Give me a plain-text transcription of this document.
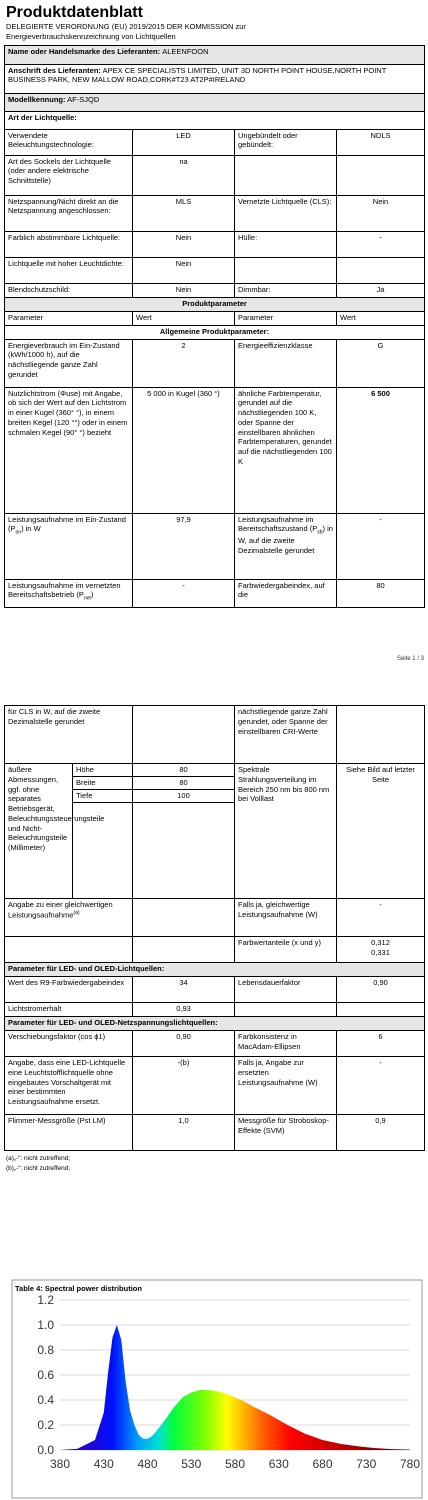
Produktdatenblatt
DELEGIERTE VERORDNUNG (EU) 2019/2015 DER KOMMISSION zur
Energieverbrauchskennzeichnung von Lichtquellen
Name oder Handelsmarke des Lieferanten: ALEENFOON			
Anschrift des Lieferanten: APEX CE SPECIALISTS LIMITED, UNIT 3D NORTH POINT HOUSE,NORTH POINT BUSINESS PARK, NEW MALLOW ROAD,CORK#T23 AT2P#IRELAND			
Modellkennung: AF-SJQD			
Art der Lichtquelle:			
Verwendete Beleuchtungstechnologie:	LED	Ungebündelt oder gebündelt:	NDLS
Art des Sockels der Lichtquelle (oder andere elektrische Schnittstelle)	na		
Netzspannung/Nicht direkt an die Netzspannung angeschlossen:	MLS	Vernetzte Lichtquelle (CLS):	Nein
Farblich abstimmbare Lichtquelle:	Nein	Hülle:	-
Lichtquelle mit hoher Leuchtdichte:	Nein		
Blendschutzschild:	Nein	Dimmbar:	Ja
Produktparameter			
Parameter	Wert	Parameter	Wert
Allgemeine Produktparameter:			
Energieverbrauch im Ein-Zustand (kWh/1000 h), auf die nächstliegende ganze Zahl gerundet	2	Energieeffizienzklasse	G
Nutzlichtstrom (Φuse) mit Angabe, ob sich der Wert auf den Lichtstrom in einer Kugel (360° °), in einem breiten Kegel (120 °°) oder in einem schmalen Kegel (90° °) bezieht	5 000 in Kugel (360 °)	ähnliche Farbtemperatur, gerundet auf die nächstliegenden 100 K, oder Spanne der einstellbaren ähnlichen Farbtemperaturen, gerundet auf die nächstliegenden 100 K	6 500
Leistungsaufnahme im Ein-Zustand $(P_{on})$ in W	97,9	Leistungsaufnahme im Bereitschaftszustand $(P_{sb})$ in W, auf die zweite Dezimalstelle gerundet	-
Leistungsaufnahme im vernetzten Bereitschaftsbetrieb $(P_{net})$	-	Farbwiedergabeindex, auf die	80
Seite 1 / 3
für CLS in W, auf die zweite Dezimalstelle gerundet			nächstliegende ganze Zahl gerundet, oder Spanne der einstellbaren CRI-Werte	
äußere Abmessungen, ggf. ohne separates Betriebsgerät, Beleuchtungssteuerungsteile und Nicht-Beleuchtungsteile (Millimeter)	Höhe	80	Spektrale Strahlungsverteilung im Bereich 250 nm bis 800 nm bei Volllast	Siehe Bild auf letzter Seite
	Breite	80		
	Tiefe	100		

Angabe zu einer gleichwertigen Leistungsaufnahme$^{(a)}$			Falls ja, gleichwertige Leistungsaufnahme (W)	-
			Farbwertanteile (x und y)	0,312
0,331

Parameter für LED- und OLED-Lichtquellen:				
Wert des R9-Farbwiedergabeindex		34	Lebensdauerfaktor	0,90
Lichtstromerhalt		0,93		
Parameter für LED- und OLED-Netzspannungslichtquellen:				
Verschiebungsfaktor (cos ϕ1)		0,90	Farbkonsistenz in MacAdam-Ellipsen	6
Angabe, dass eine LED-Lichtquelle eine Leuchtstofflichtquelle ohne eingebautes Vorschaltgerät mit einer bestimmten Leistungsaufnahme ersetzt.		-(b)	Falls ja, Angabe zur ersetzten Leistungsaufnahme (W)	-
Flimmer-Messgröße (Pst LM)		1,0	Messgröße für Stroboskop-Effekte (SVM)	0,9
(a)„-“: nicht zutreffend;
(b)„-“: nicht zutreffend;
Table 4: Spectral power distribution
0.0
0.2
0.4
0.6
0.8
1.0
1.2
380 430 480 530 580 630 680 730 780
